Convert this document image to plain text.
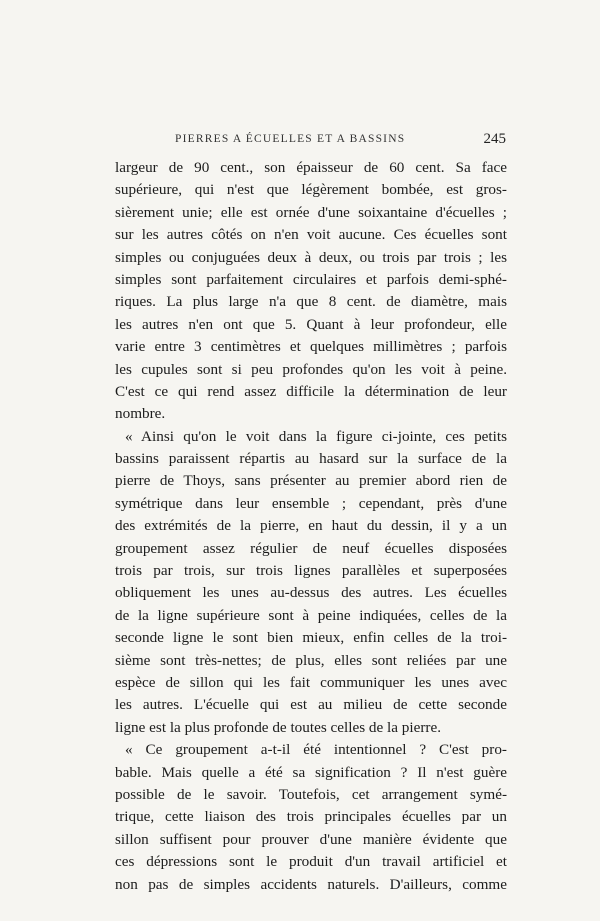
PIERRES A ÉCUELLES ET A BASSINS	245
largeur de 90 cent., son épaisseur de 60 cent. Sa face
supérieure, qui n'est que légèrement bombée, est gros-
sièrement unie; elle est ornée d'une soixantaine d'écuelles ;
sur les autres côtés on n'en voit aucune. Ces écuelles sont
simples ou conjuguées deux à deux, ou trois par trois ; les
simples sont parfaitement circulaires et parfois demi-sphé-
riques. La plus large n'a que 8 cent. de diamètre, mais
les autres n'en ont que 5. Quant à leur profondeur, elle
varie entre 3 centimètres et quelques millimètres ; parfois
les cupules sont si peu profondes qu'on les voit à peine.
C'est ce qui rend assez difficile la détermination de leur
nombre.
« Ainsi qu'on le voit dans la figure ci-jointe, ces petits
bassins paraissent répartis au hasard sur la surface de la
pierre de Thoys, sans présenter au premier abord rien de
symétrique dans leur ensemble ; cependant, près d'une
des extrémités de la pierre, en haut du dessin, il y a un
groupement assez régulier de neuf écuelles disposées
trois par trois, sur trois lignes parallèles et superposées
obliquement les unes au-dessus des autres. Les écuelles
de la ligne supérieure sont à peine indiquées, celles de la
seconde ligne le sont bien mieux, enfin celles de la troi-
sième sont très-nettes; de plus, elles sont reliées par une
espèce de sillon qui les fait communiquer les unes avec
les autres. L'écuelle qui est au milieu de cette seconde
ligne est la plus profonde de toutes celles de la pierre.
« Ce groupement a-t-il été intentionnel ? C'est pro-
bable. Mais quelle a été sa signification ? Il n'est guère
possible de le savoir. Toutefois, cet arrangement symé-
trique, cette liaison des trois principales écuelles par un
sillon suffisent pour prouver d'une manière évidente que
ces dépressions sont le produit d'un travail artificiel et
non pas de simples accidents naturels. D'ailleurs, comme
